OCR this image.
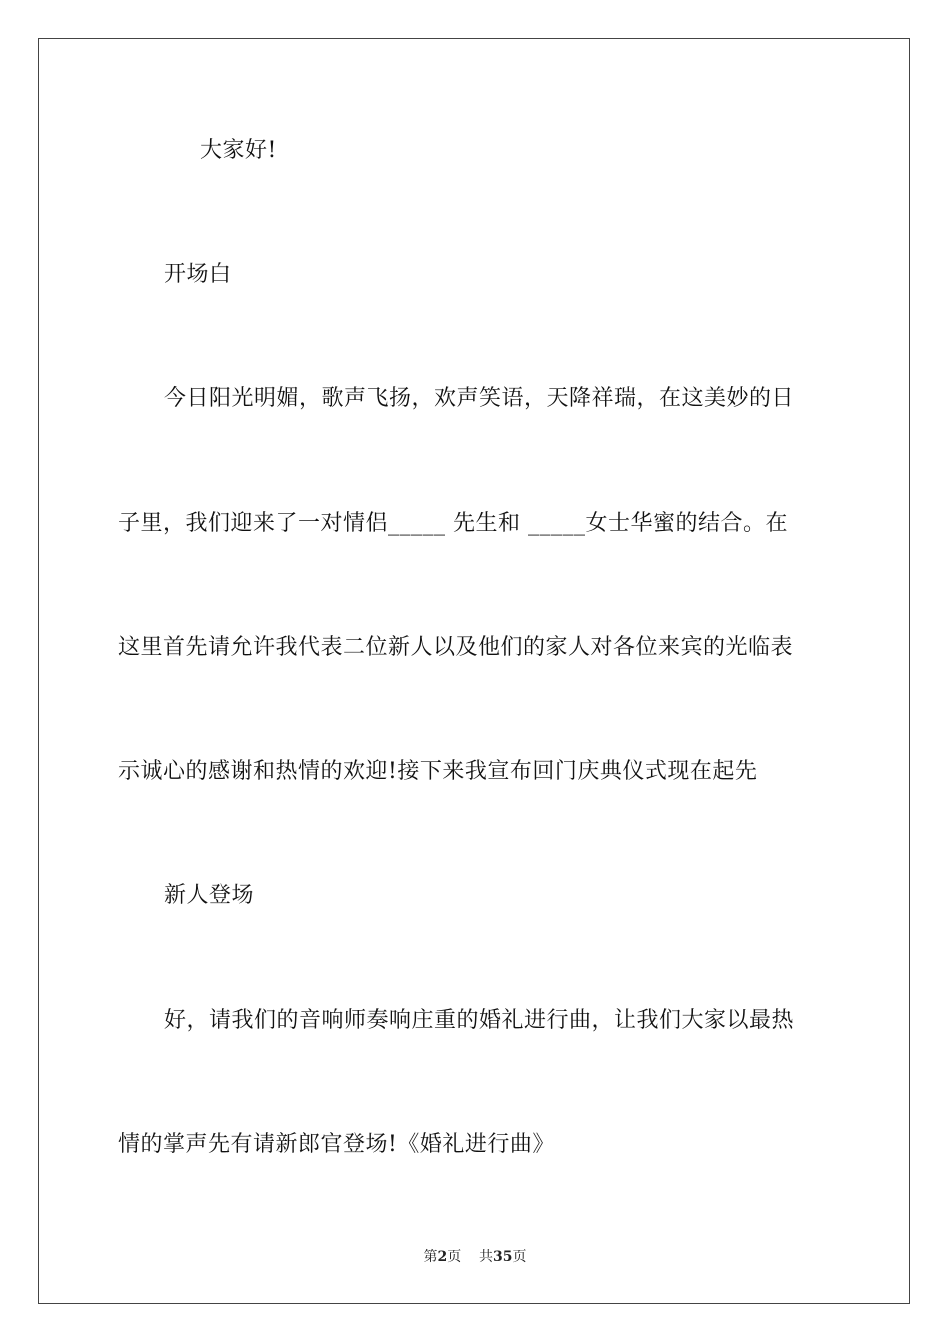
大家好!
开场白
今日阳光明媚，歌声飞扬，欢声笑语，天降祥瑞，在这美妙的日
子里，我们迎来了一对情侣_____ 先生和 _____女士华蜜的结合。在
这里首先请允许我代表二位新人以及他们的家人对各位来宾的光临表
示诚心的感谢和热情的欢迎!接下来我宣布回门庆典仪式现在起先
新人登场
好，请我们的音响师奏响庄重的婚礼进行曲，让我们大家以最热
情的掌声先有请新郎官登场!《婚礼进行曲》
第2页 共35页
